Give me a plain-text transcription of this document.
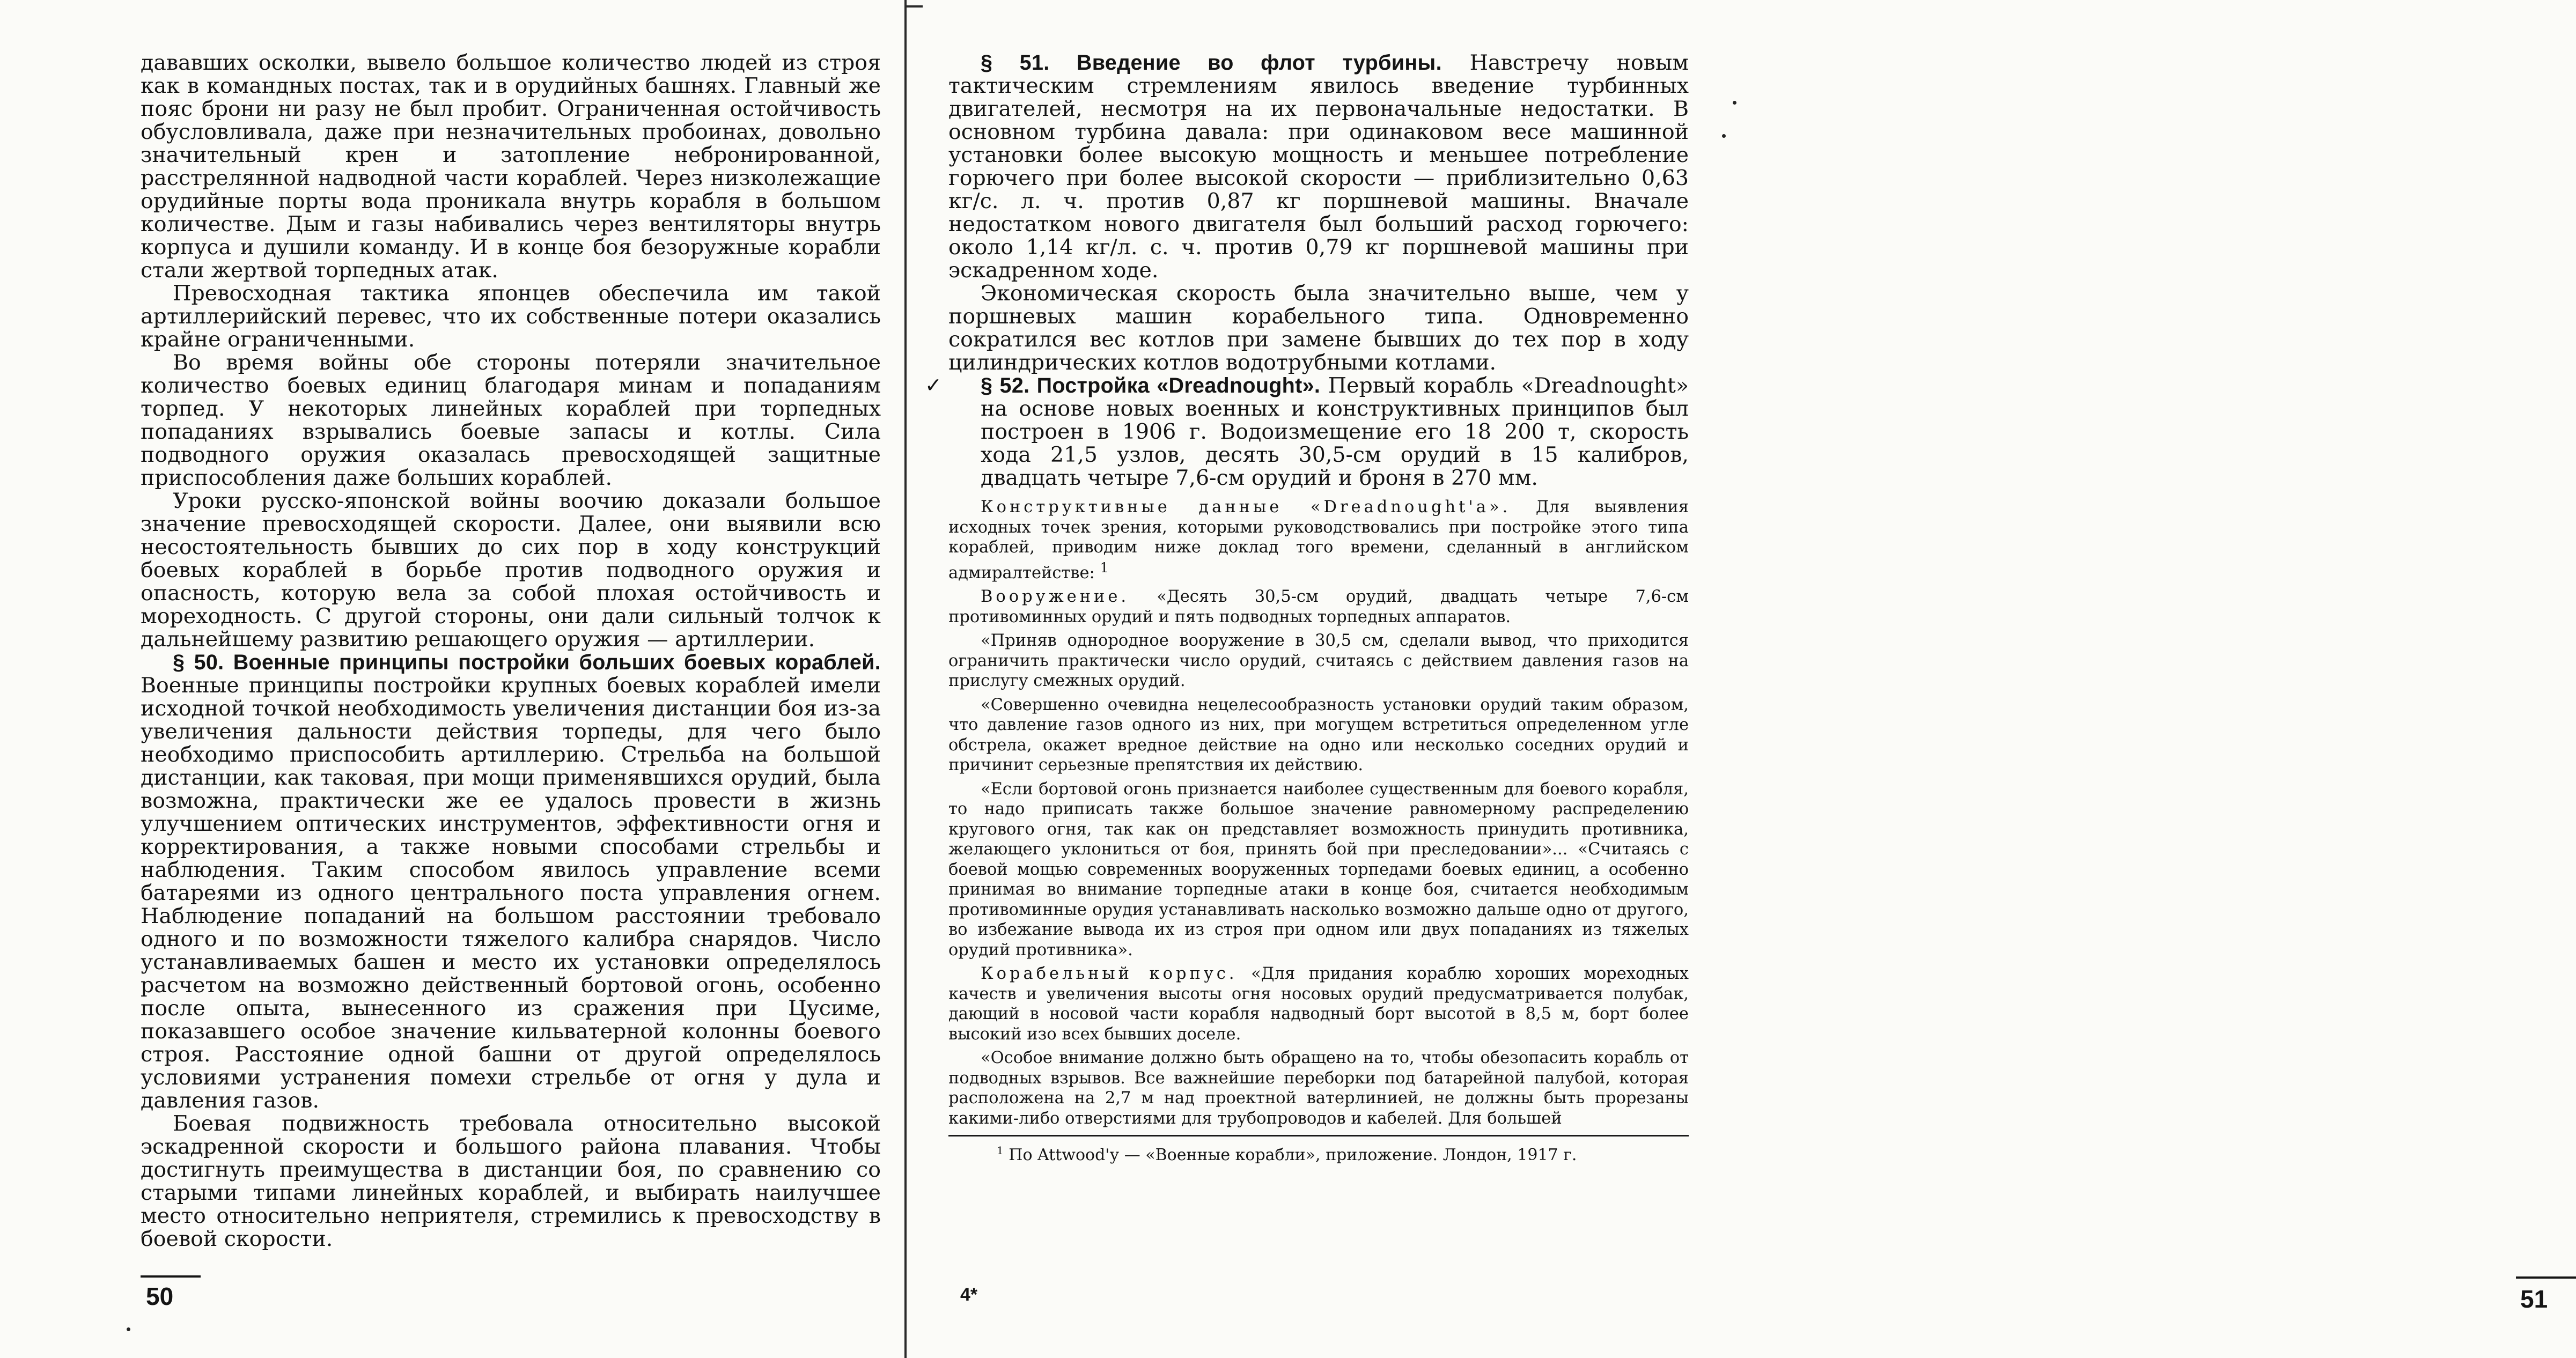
дававших осколки, вывело большое количество людей из строя как в командных постах, так и в орудийных башнях. Главный же пояс брони ни разу не был пробит. Ограниченная остойчивость обусловливала, даже при незначительных пробоинах, довольно значительный крен и затопление небронированной, расстрелянной надводной части кораблей. Через низколежащие орудийные порты вода проникала внутрь корабля в большом количестве. Дым и газы набивались через вентиляторы внутрь корпуса и душили команду. И в конце боя безоружные корабли стали жертвой торпедных атак.

Превосходная тактика японцев обеспечила им такой артиллерийский перевес, что их собственные потери оказались крайне ограниченными.

Во время войны обе стороны потеряли значительное количество боевых единиц благодаря минам и попаданиям торпед. У некоторых линейных кораблей при торпедных попаданиях взрывались боевые запасы и котлы. Сила подводного оружия оказалась превосходящей защитные приспособления даже больших кораблей.

Уроки русско-японской войны воочию доказали большое значение превосходящей скорости. Далее, они выявили всю несостоятельность бывших до сих пор в ходу конструкций боевых кораблей в борьбе против подводного оружия и опасность, которую вела за собой плохая остойчивость и мореходность. С другой стороны, они дали сильный толчок к дальнейшему развитию решающего оружия — артиллерии.

§ 50. Военные принципы постройки больших боевых кораблей. Военные принципы постройки крупных боевых кораблей имели исходной точкой необходимость увеличения дистанции боя из-за увеличения дальности действия торпеды, для чего было необходимо приспособить артиллерию. Стрельба на большой дистанции, как таковая, при мощи применявшихся орудий, была возможна, практически же ее удалось провести в жизнь улучшением оптических инструментов, эффективности огня и корректирования, а также новыми способами стрельбы и наблюдения. Таким способом явилось управление всеми батареями из одного центрального поста управления огнем. Наблюдение попаданий на большом расстоянии требовало одного и по возможности тяжелого калибра снарядов. Число устанавливаемых башен и место их установки определялось расчетом на возможно действенный бортовой огонь, особенно после опыта, вынесенного из сражения при Цусиме, показавшего особое значение кильватерной колонны боевого строя. Расстояние одной башни от другой определялось условиями устранения помехи стрельбе от огня у дула и давления газов.

Боевая подвижность требовала относительно высокой эскадренной скорости и большого района плавания. Чтобы достигнуть преимущества в дистанции боя, по сравнению со старыми типами линейных кораблей, и выбирать наилучшее место относительно неприятеля, стремились к превосходству в боевой скорости.

50

§ 51. Введение во флот турбины. Навстречу новым тактическим стремлениям явилось введение турбинных двигателей, несмотря на их первоначальные недостатки. В основном турбина давала: при одинаковом весе машинной установки более высокую мощность и меньшее потребление горючего при более высокой скорости — приблизительно 0,63 кг/с. л. ч. против 0,87 кг поршневой машины. Вначале недостатком нового двигателя был больший расход горючего: около 1,14 кг/л. с. ч. против 0,79 кг поршневой машины при эскадренном ходе.

Экономическая скорость была значительно выше, чем у поршневых машин корабельного типа. Одновременно сократился вес котлов при замене бывших до тех пор в ходу цилиндрических котлов водотрубными котлами.

✓ § 52. Постройка «Dreadnought». Первый корабль «Dreadnought» на основе новых военных и конструктивных принципов был построен в 1906 г. Водоизмещение его 18 200 т, скорость хода 21,5 узлов, десять 30,5-см орудий в 15 калибров, двадцать четыре 7,6-см орудий и броня в 270 мм.

Конструктивные данные «Dreadnought'a». Для выявления исходных точек зрения, которыми руководствовались при постройке этого типа кораблей, приводим ниже доклад того времени, сделанный в английском адмиралтействе: $^1$

Вооружение. «Десять 30,5-см орудий, двадцать четыре 7,6-см противоминных орудий и пять подводных торпедных аппаратов.

«Приняв однородное вооружение в 30,5 см, сделали вывод, что приходится ограничить практически число орудий, считаясь с действием давления газов на прислугу смежных орудий.

«Совершенно очевидна нецелесообразность установки орудий таким образом, что давление газов одного из них, при могущем встретиться определенном угле обстрела, окажет вредное действие на одно или несколько соседних орудий и причинит серьезные препятствия их действию.

«Если бортовой огонь признается наиболее существенным для боевого корабля, то надо приписать также большое значение равномерному распределению кругового огня, так как он представляет возможность принудить противника, желающего уклониться от боя, принять бой при преследовании»... «Считаясь с боевой мощью современных вооруженных торпедами боевых единиц, а особенно принимая во внимание торпедные атаки в конце боя, считается необходимым противоминные орудия устанавливать насколько возможно дальше одно от другого, во избежание вывода их из строя при одном или двух попаданиях из тяжелых орудий противника».

Корабельный корпус. «Для придания кораблю хороших мореходных качеств и увеличения высоты огня носовых орудий предусматривается полубак, дающий в носовой части корабля надводный борт высотой в 8,5 м, борт более высокий изо всех бывших доселе.

«Особое внимание должно быть обращено на то, чтобы обезопасить корабль от подводных взрывов. Все важнейшие переборки под батарейной палубой, которая расположена на 2,7 м над проектной ватерлинией, не должны быть прорезаны какими-либо отверстиями для трубопроводов и кабелей. Для большей

$^1$ По Attwood'у — «Военные корабли», приложение. Лондон, 1917 г.
51
4*
